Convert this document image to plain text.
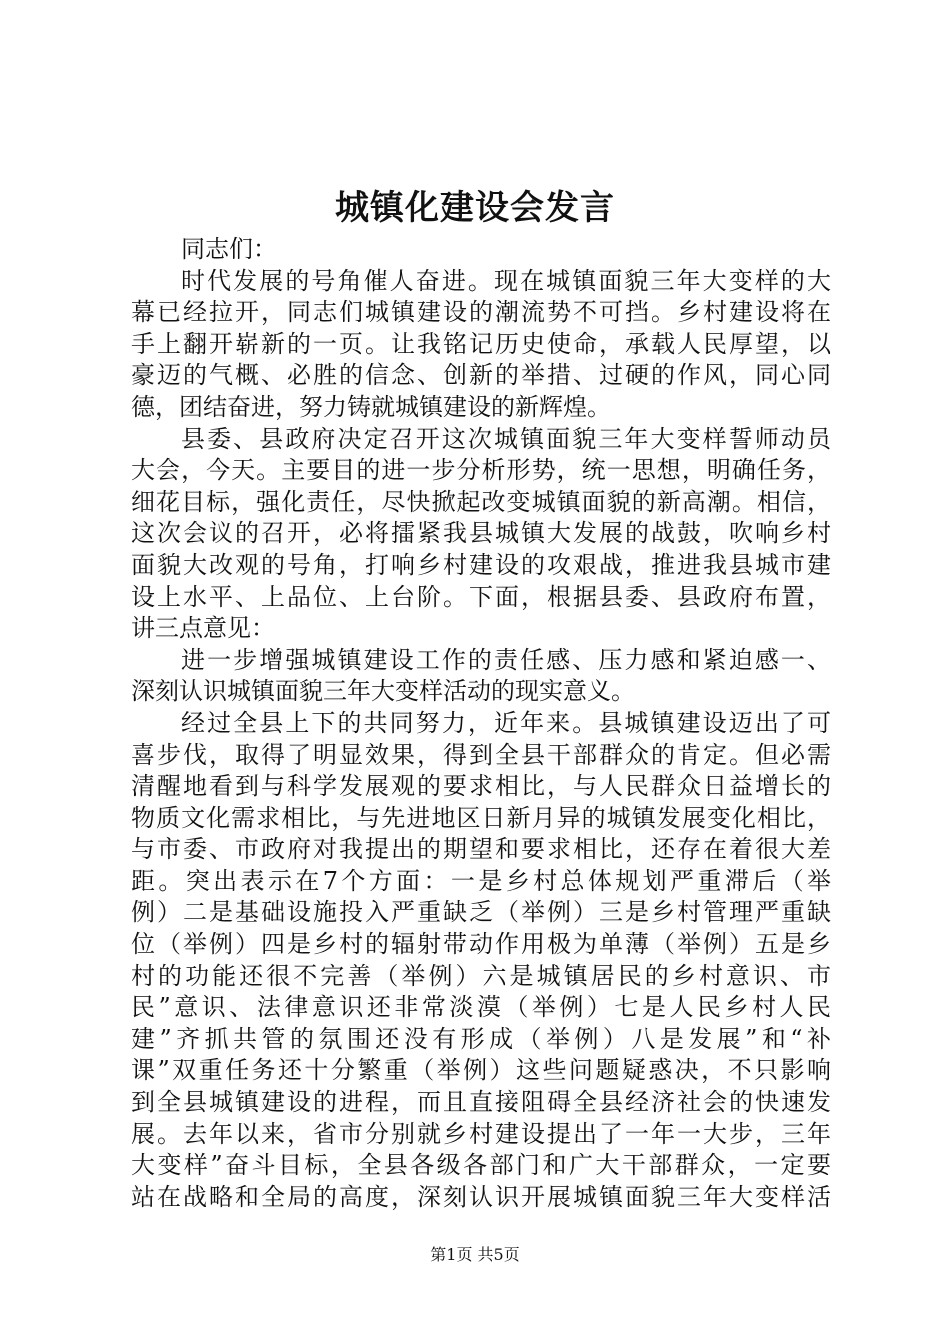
城镇化建设会发言
同志们：
时代发展的号角催人奋进。现在城镇面貌三年大变样的大
幕已经拉开，同志们城镇建设的潮流势不可挡。乡村建设将在
手上翻开崭新的一页。让我铭记历史使命，承载人民厚望，以
豪迈的气概、必胜的信念、创新的举措、过硬的作风，同心同
德，团结奋进，努力铸就城镇建设的新辉煌。
县委、县政府决定召开这次城镇面貌三年大变样誓师动员
大会，今天。主要目的进一步分析形势，统一思想，明确任务，
细花目标，强化责任，尽快掀起改变城镇面貌的新高潮。相信，
这次会议的召开，必将擂紧我县城镇大发展的战鼓，吹响乡村
面貌大改观的号角，打响乡村建设的攻艰战，推进我县城市建
设上水平、上品位、上台阶。下面，根据县委、县政府布置，
讲三点意见：
进一步增强城镇建设工作的责任感、压力感和紧迫感一、
深刻认识城镇面貌三年大变样活动的现实意义。
经过全县上下的共同努力，近年来。县城镇建设迈出了可
喜步伐，取得了明显效果，得到全县干部群众的肯定。但必需
清醒地看到与科学发展观的要求相比，与人民群众日益增长的
物质文化需求相比，与先进地区日新月异的城镇发展变化相比，
与市委、市政府对我提出的期望和要求相比，还存在着很大差
距。突出表示在7个方面：一是乡村总体规划严重滞后（举
例）二是基础设施投入严重缺乏（举例）三是乡村管理严重缺
位（举例）四是乡村的辐射带动作用极为单薄（举例）五是乡
村的功能还很不完善（举例）六是城镇居民的乡村意识、市
民”意识、法律意识还非常淡漠（举例）七是人民乡村人民
建”齐抓共管的氛围还没有形成（举例）八是发展”和“补
课”双重任务还十分繁重（举例）这些问题疑惑决，不只影响
到全县城镇建设的进程，而且直接阻碍全县经济社会的快速发
展。去年以来，省市分别就乡村建设提出了一年一大步，三年
大变样”奋斗目标，全县各级各部门和广大干部群众，一定要
站在战略和全局的高度，深刻认识开展城镇面貌三年大变样活
第1页 共5页
